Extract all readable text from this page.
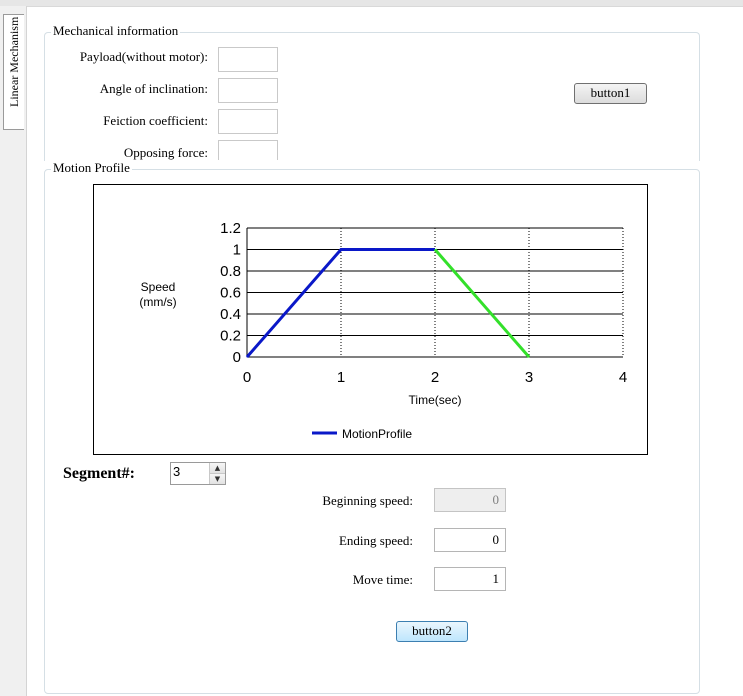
Linear Mechanism Mechanical information
Payload(without motor):
Angle of inclination:
Feiction coefficient:
Opposing force:
button1
Motion Profile
0
0.2
0.4
0.6
0.8
1
1.2
0	1	2	3	4
Time(sec)
Speed
(mm/s)
MotionProfile
Segment#:	3	▲
▼
Beginning speed:	0
Ending speed:	0
Move time:	1
button2
